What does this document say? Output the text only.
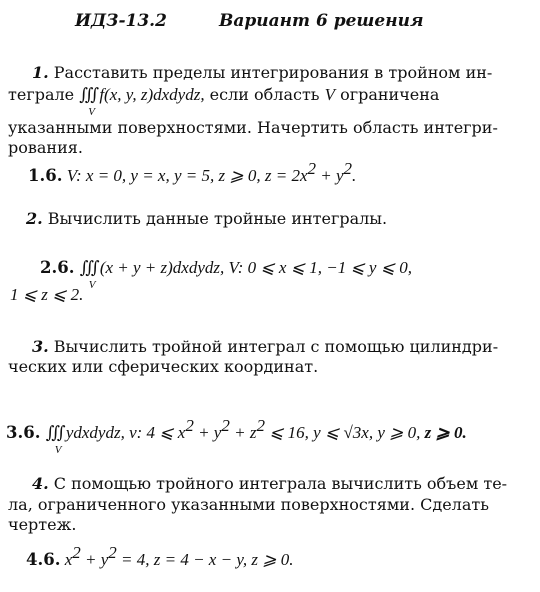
ИДЗ-13.2	Вариант 6 решения
1. Расставить пределы интегрирования в тройном ин-
теграле ∭
V
f(x, y, z)dxdydz, если область V ограничена
указанными поверхностями. Начертить область интегри-
рования.
1.6. V: x = 0, y = x, y = 5, z ⩾ 0, $z = 2x^2 + y^2$.
2. Вычислить данные тройные интегралы.
2.6. ∭
V
(x + y + z)dxdydz, V: 0 ⩽ x ⩽ 1, −1 ⩽ y ⩽ 0,
1 ⩽ z ⩽ 2.
3. Вычислить тройной интеграл с помощью цилиндри-
ческих или сферических координат.
3.6. ∭
V
ydxdydz, v: 4 ⩽ $x^2 + y^2 + z^2$ ⩽ 16, y ⩽ √3x, y ⩾ 0, z ⩾ 0.
4. С помощью тройного интеграла вычислить объем те-
ла, ограниченного указанными поверхностями. Сделать
чертеж.
4.6. $x^2 + y^2 = 4$, z = 4 − x − y, z ⩾ 0.
